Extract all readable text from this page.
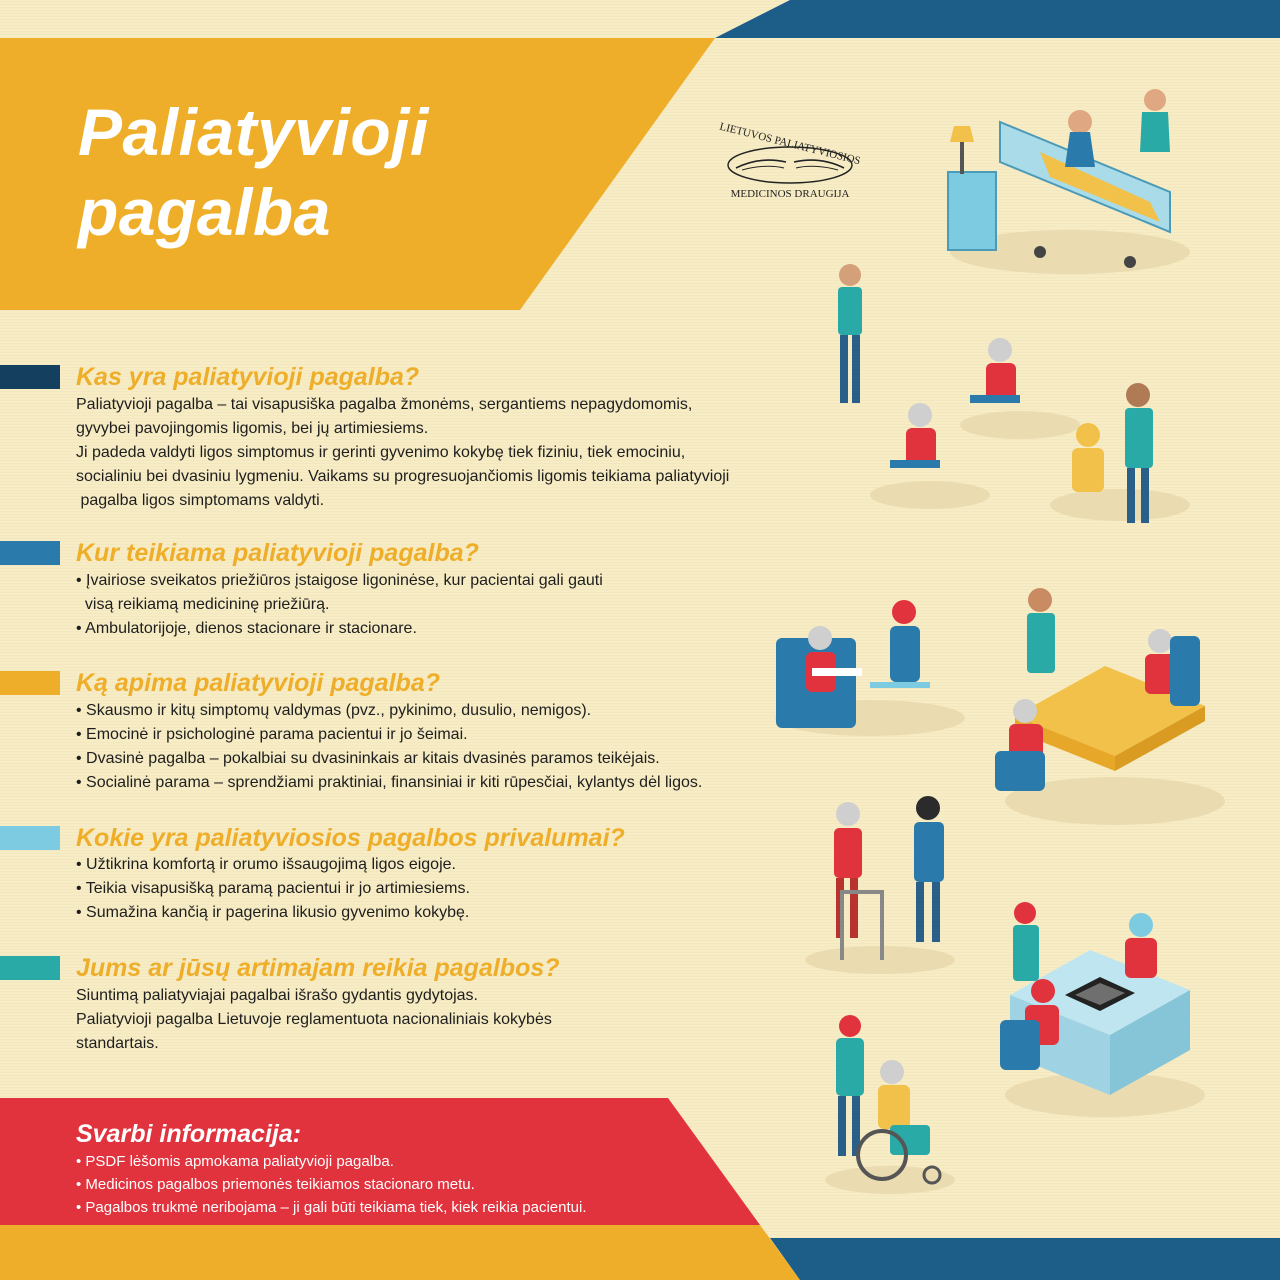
Paliatyvioji
pagalba
LIETUVOS PALIATYVIOSIOS
MEDICINOS DRAUGIJA
Kas yra paliatyvioji pagalba?
Paliatyvioji pagalba – tai visapusiška pagalba žmonėms, sergantiems nepagydomomis,
gyvybei pavojingomis ligomis, bei jų artimiesiems.
Ji padeda valdyti ligos simptomus ir gerinti gyvenimo kokybę tiek fiziniu, tiek emociniu,
socialiniu bei dvasiniu lygmeniu. Vaikams su progresuojančiomis ligomis teikiama paliatyvioji
pagalba ligos simptomams valdyti.
Kur teikiama paliatyvioji pagalba?
• Įvairiose sveikatos priežiūros įstaigose ligoninėse, kur pacientai gali gauti
visą reikiamą medicininę priežiūrą.
• Ambulatorijoje, dienos stacionare ir stacionare.
Ką apima paliatyvioji pagalba?
• Skausmo ir kitų simptomų valdymas (pvz., pykinimo, dusulio, nemigos).
• Emocinė ir psichologinė parama pacientui ir jo šeimai.
• Dvasinė pagalba – pokalbiai su dvasininkais ar kitais dvasinės paramos teikėjais.
• Socialinė parama – sprendžiami praktiniai, finansiniai ir kiti rūpesčiai, kylantys dėl ligos.
Kokie yra paliatyviosios pagalbos privalumai?
• Užtikrina komfortą ir orumo išsaugojimą ligos eigoje.
• Teikia visapusišką paramą pacientui ir jo artimiesiems.
• Sumažina kančią ir pagerina likusio gyvenimo kokybę.
Jums ar jūsų artimajam reikia pagalbos?
Siuntimą paliatyviajai pagalbai išrašo gydantis gydytojas.
Paliatyvioji pagalba Lietuvoje reglamentuota nacionaliniais kokybės
standartais.
Svarbi informacija:
• PSDF lėšomis apmokama paliatyvioji pagalba.
• Medicinos pagalbos priemonės teikiamos stacionaro metu.
• Pagalbos trukmė neribojama – ji gali būti teikiama tiek, kiek reikia pacientui.
